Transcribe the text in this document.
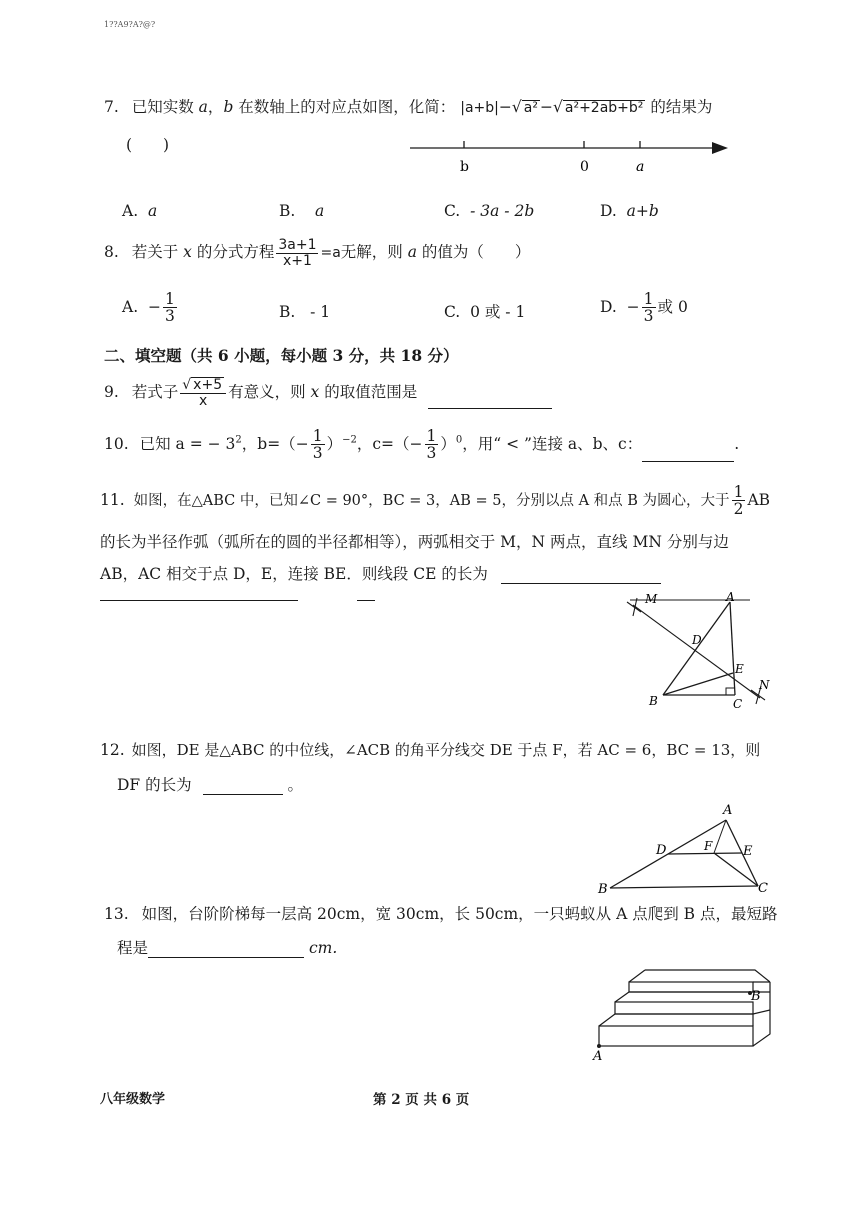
1??A9?A?@?
7. 已知实数 a，b 在数轴上的对应点如图，化简： |a+b|−√ a² −√ a²+2ab+b² 的结果为
(　　)
b	0	a
A. a	B. a	C. - 3a - 2b	D. a+b
8. 若关于 x 的分式方程 $\frac{3a+1}{x+1} =a$无解，则 a 的值为（　　）
A. − $\frac{1}{3}$	B. - 1	C. 0 或 - 1	D. − $\frac{1}{3}$ 或 0
二、填空题（共 6 小题，每小题 3 分，共 18 分）
9. 若式子 $\frac{√ x+5}{x}$ 有意义，则 x 的取值范围是
10. 已知 a = − $3^2$，$b=(- \frac{1}{3} )^{-2}$，$c=(- \frac{1}{3} )^0$，用“ < ”连接 a、b、c：	.
11. 如图，在△ABC 中，已知∠C = 90°，BC = 3，AB = 5，分别以点 A 和点 B 为圆心，大于 $\frac{1}{2}$ AB
的长为半径作弧（弧所在的圆的半径都相等），两弧相交于 M，N 两点，直线 MN 分别与边
AB，AC 相交于点 D，E，连接 BE．则线段 CE 的长为
M	A
D
E
N
B	C
12. 如图，DE 是△ABC 的中位线，∠ACB 的角平分线交 DE 于点 F，若 AC = 6，BC = 13，则
DF 的长为	。
A
D	F E
B	C
13. 如图，台阶阶梯每一层高 20cm，宽 30cm，长 50cm，一只蚂蚁从 A 点爬到 B 点，最短路
程是	cm.
A
B
八年级数学	第 2 页 共 6 页
